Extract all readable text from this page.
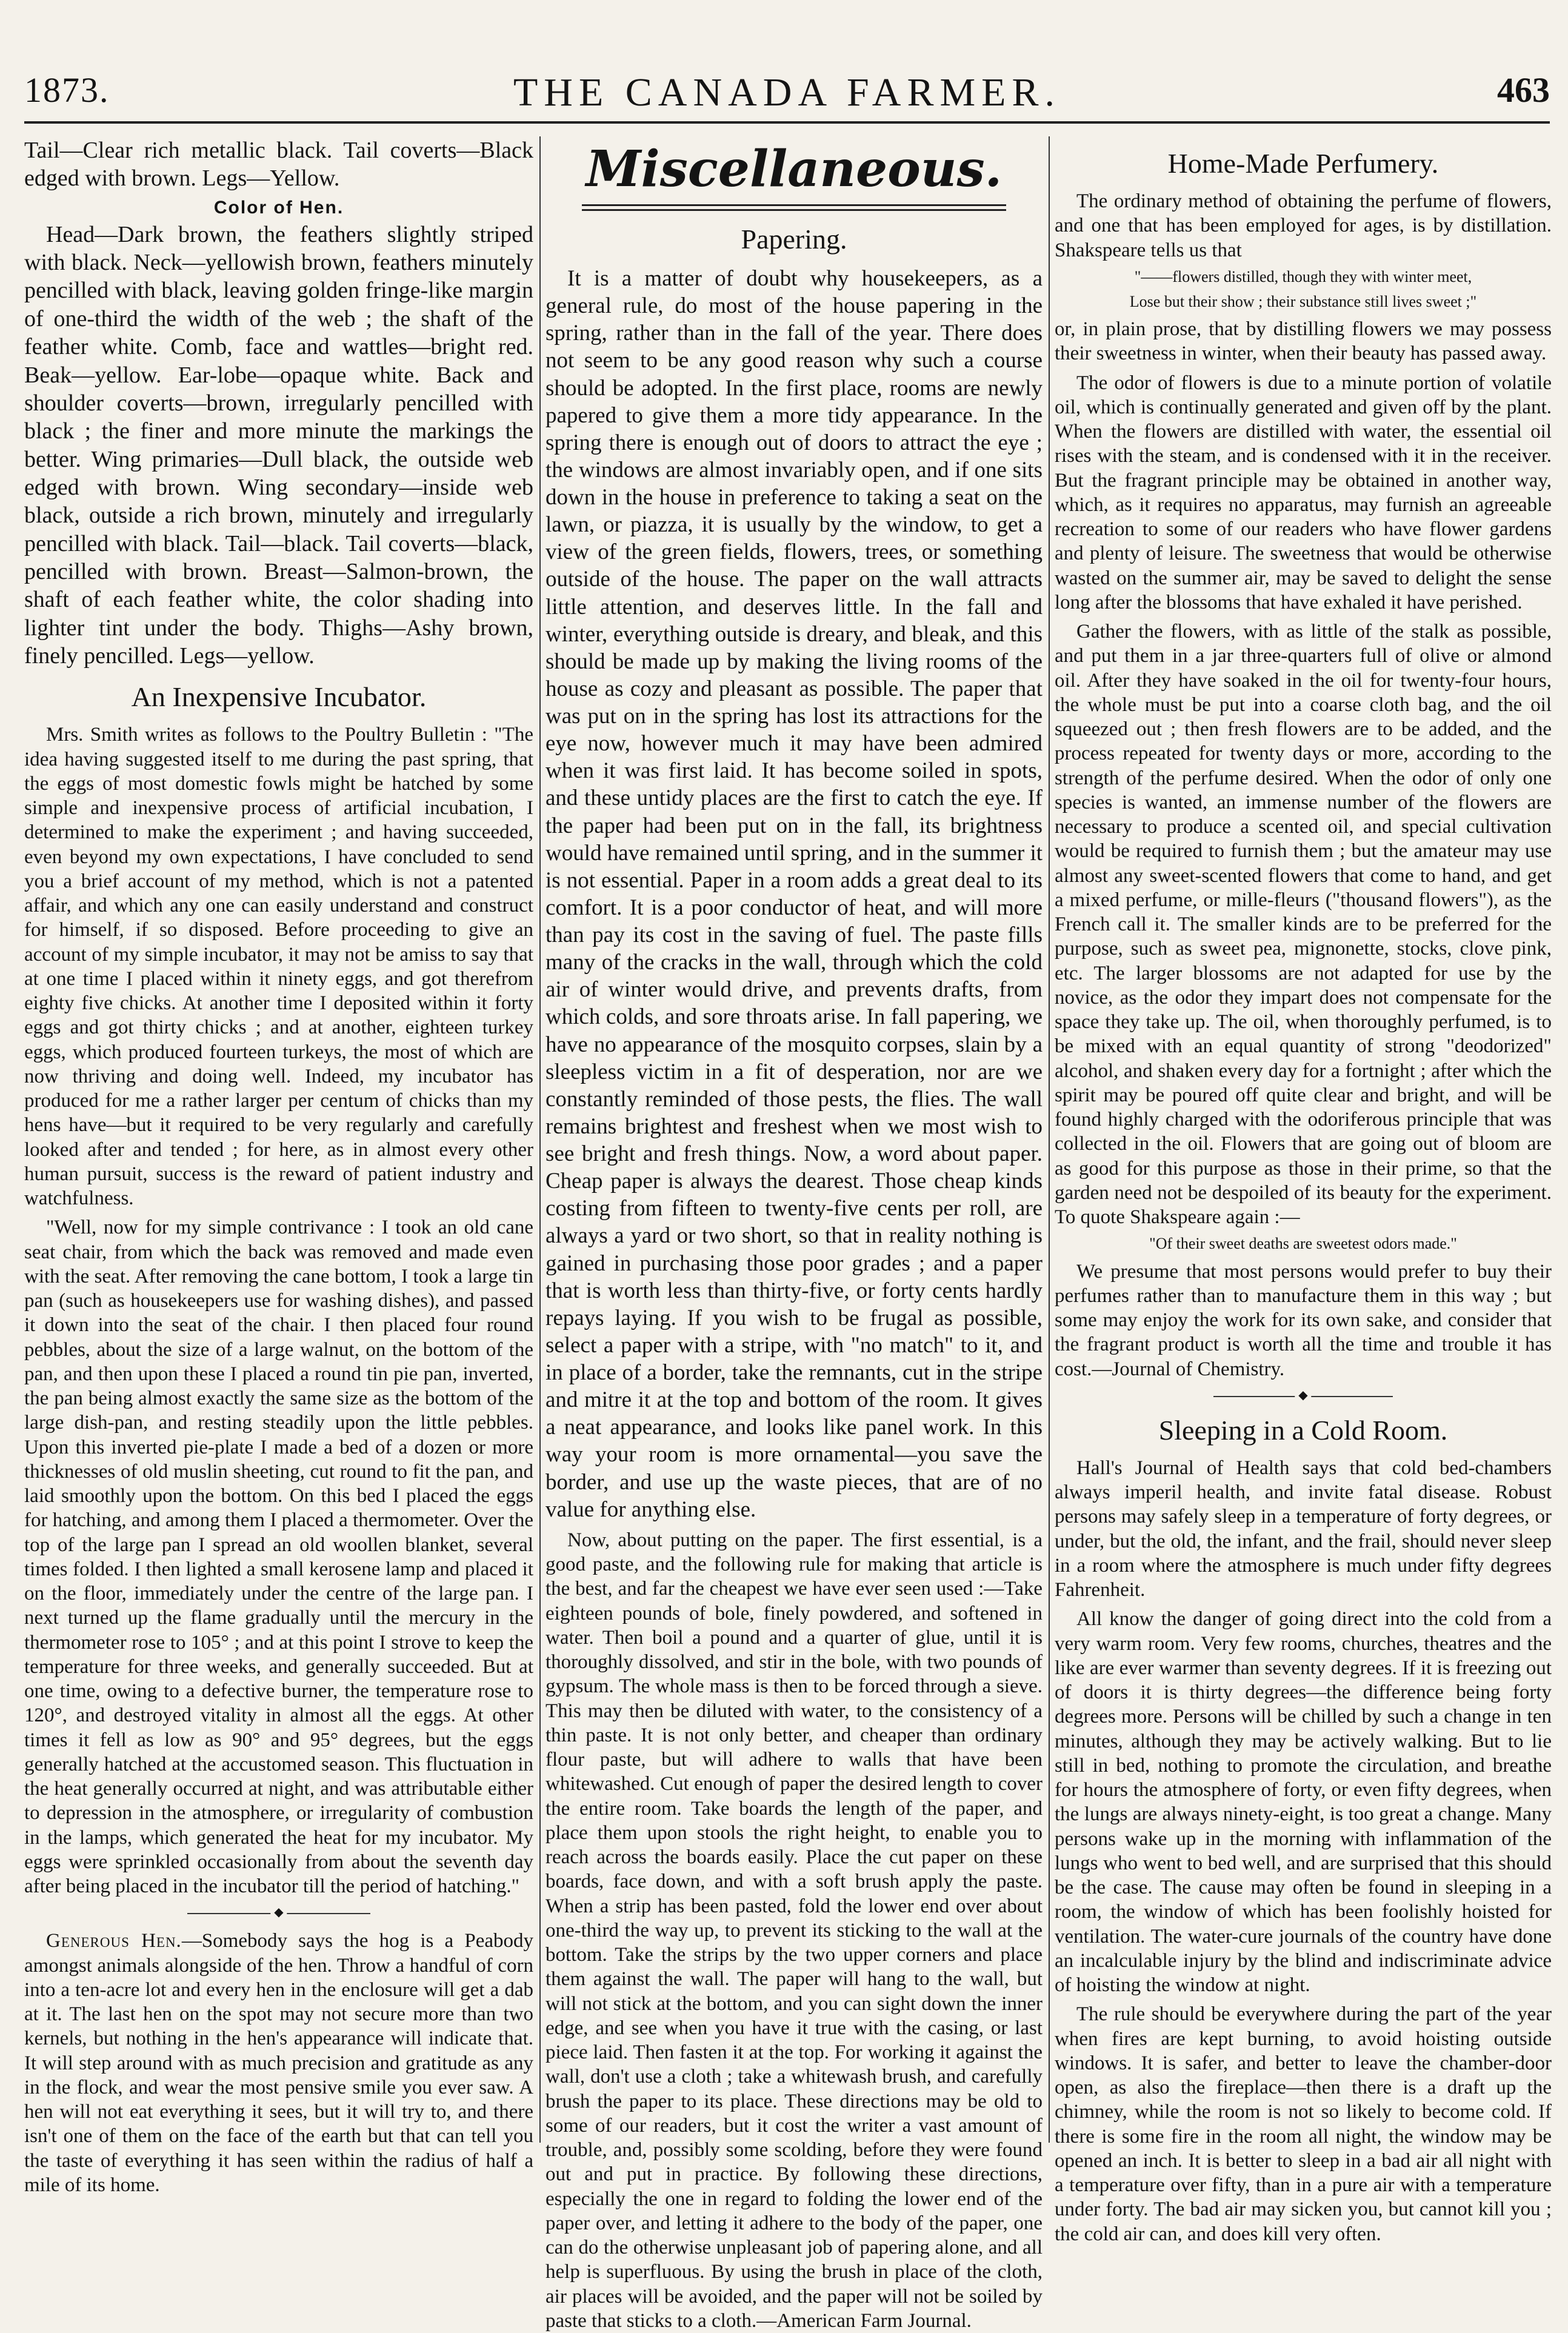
1873.	THE CANADA FARMER.	463

Tail—Clear rich metallic black. Tail coverts—Black edged with brown. Legs—Yellow.

Color of Hen.

Head—Dark brown, the feathers slightly striped with black. Neck—yellowish brown, feathers minutely pencilled with black, leaving golden fringe-like margin of one-third the width of the web ; the shaft of the feather white. Comb, face and wattles—bright red. Beak—yellow. Ear-lobe—opaque white. Back and shoulder coverts—brown, irregularly pencilled with black ; the finer and more minute the markings the better. Wing primaries—Dull black, the outside web edged with brown. Wing secondary—inside web black, outside a rich brown, minutely and irregularly pencilled with black. Tail—black. Tail coverts—black, pencilled with brown. Breast—Salmon-brown, the shaft of each feather white, the color shading into lighter tint under the body. Thighs—Ashy brown, finely pencilled. Legs—yellow.

An Inexpensive Incubator.

Mrs. Smith writes as follows to the Poultry Bulletin : "The idea having suggested itself to me during the past spring, that the eggs of most domestic fowls might be hatched by some simple and inexpensive process of artificial incubation, I determined to make the experiment ; and having succeeded, even beyond my own expectations, I have concluded to send you a brief account of my method, which is not a patented affair, and which any one can easily understand and construct for himself, if so disposed. Before proceeding to give an account of my simple incubator, it may not be amiss to say that at one time I placed within it ninety eggs, and got therefrom eighty five chicks. At another time I deposited within it forty eggs and got thirty chicks ; and at another, eighteen turkey eggs, which produced fourteen turkeys, the most of which are now thriving and doing well. Indeed, my incubator has produced for me a rather larger per centum of chicks than my hens have—but it required to be very regularly and carefully looked after and tended ; for here, as in almost every other human pursuit, success is the reward of patient industry and watchfulness.

"Well, now for my simple contrivance : I took an old cane seat chair, from which the back was removed and made even with the seat. After removing the cane bottom, I took a large tin pan (such as housekeepers use for washing dishes), and passed it down into the seat of the chair. I then placed four round pebbles, about the size of a large walnut, on the bottom of the pan, and then upon these I placed a round tin pie pan, inverted, the pan being almost exactly the same size as the bottom of the large dish-pan, and resting steadily upon the little pebbles. Upon this inverted pie-plate I made a bed of a dozen or more thicknesses of old muslin sheeting, cut round to fit the pan, and laid smoothly upon the bottom. On this bed I placed the eggs for hatching, and among them I placed a thermometer. Over the top of the large pan I spread an old woollen blanket, several times folded. I then lighted a small kerosene lamp and placed it on the floor, immediately under the centre of the large pan. I next turned up the flame gradually until the mercury in the thermometer rose to 105° ; and at this point I strove to keep the temperature for three weeks, and generally succeeded. But at one time, owing to a defective burner, the temperature rose to 120°, and destroyed vitality in almost all the eggs. At other times it fell as low as 90° and 95° degrees, but the eggs generally hatched at the accustomed season. This fluctuation in the heat generally occurred at night, and was attributable either to depression in the atmosphere, or irregularity of combustion in the lamps, which generated the heat for my incubator. My eggs were sprinkled occasionally from about the seventh day after being placed in the incubator till the period of hatching."

◆

Generous Hen.—Somebody says the hog is a Peabody amongst animals alongside of the hen. Throw a handful of corn into a ten-acre lot and every hen in the enclosure will get a dab at it. The last hen on the spot may not secure more than two kernels, but nothing in the hen's appearance will indicate that. It will step around with as much precision and gratitude as any in the flock, and wear the most pensive smile you ever saw. A hen will not eat everything it sees, but it will try to, and there isn't one of them on the face of the earth but that can tell you the taste of everything it has seen within the radius of half a mile of its home.

Miscellaneous.
Papering.

It is a matter of doubt why housekeepers, as a general rule, do most of the house papering in the spring, rather than in the fall of the year. There does not seem to be any good reason why such a course should be adopted. In the first place, rooms are newly papered to give them a more tidy appearance. In the spring there is enough out of doors to attract the eye ; the windows are almost invariably open, and if one sits down in the house in preference to taking a seat on the lawn, or piazza, it is usually by the window, to get a view of the green fields, flowers, trees, or something outside of the house. The paper on the wall attracts little attention, and deserves little. In the fall and winter, everything outside is dreary, and bleak, and this should be made up by making the living rooms of the house as cozy and pleasant as possible. The paper that was put on in the spring has lost its attractions for the eye now, however much it may have been admired when it was first laid. It has become soiled in spots, and these untidy places are the first to catch the eye. If the paper had been put on in the fall, its brightness would have remained until spring, and in the summer it is not essential. Paper in a room adds a great deal to its comfort. It is a poor conductor of heat, and will more than pay its cost in the saving of fuel. The paste fills many of the cracks in the wall, through which the cold air of winter would drive, and prevents drafts, from which colds, and sore throats arise. In fall papering, we have no appearance of the mosquito corpses, slain by a sleepless victim in a fit of desperation, nor are we constantly reminded of those pests, the flies. The wall remains brightest and freshest when we most wish to see bright and fresh things. Now, a word about paper. Cheap paper is always the dearest. Those cheap kinds costing from fifteen to twenty-five cents per roll, are always a yard or two short, so that in reality nothing is gained in purchasing those poor grades ; and a paper that is worth less than thirty-five, or forty cents hardly repays laying. If you wish to be frugal as possible, select a paper with a stripe, with "no match" to it, and in place of a border, take the remnants, cut in the stripe and mitre it at the top and bottom of the room. It gives a neat appearance, and looks like panel work. In this way your room is more ornamental—you save the border, and use up the waste pieces, that are of no value for anything else.

Now, about putting on the paper. The first essential, is a good paste, and the following rule for making that article is the best, and far the cheapest we have ever seen used :—Take eighteen pounds of bole, finely powdered, and softened in water. Then boil a pound and a quarter of glue, until it is thoroughly dissolved, and stir in the bole, with two pounds of gypsum. The whole mass is then to be forced through a sieve. This may then be diluted with water, to the consistency of a thin paste. It is not only better, and cheaper than ordinary flour paste, but will adhere to walls that have been whitewashed. Cut enough of paper the desired length to cover the entire room. Take boards the length of the paper, and place them upon stools the right height, to enable you to reach across the boards easily. Place the cut paper on these boards, face down, and with a soft brush apply the paste. When a strip has been pasted, fold the lower end over about one-third the way up, to prevent its sticking to the wall at the bottom. Take the strips by the two upper corners and place them against the wall. The paper will hang to the wall, but will not stick at the bottom, and you can sight down the inner edge, and see when you have it true with the casing, or last piece laid. Then fasten it at the top. For working it against the wall, don't use a cloth ; take a whitewash brush, and carefully brush the paper to its place. These directions may be old to some of our readers, but it cost the writer a vast amount of trouble, and, possibly some scolding, before they were found out and put in practice. By following these directions, especially the one in regard to folding the lower end of the paper over, and letting it adhere to the body of the paper, one can do the otherwise unpleasant job of papering alone, and all help is superfluous. By using the brush in place of the cloth, air places will be avoided, and the paper will not be soiled by paste that sticks to a cloth.—American Farm Journal.

Home-Made Perfumery.

The ordinary method of obtaining the perfume of flowers, and one that has been employed for ages, is by distillation. Shakspeare tells us that

"——flowers distilled, though they with winter meet,

Lose but their show ; their substance still lives sweet ;"

or, in plain prose, that by distilling flowers we may possess their sweetness in winter, when their beauty has passed away.

The odor of flowers is due to a minute portion of volatile oil, which is continually generated and given off by the plant. When the flowers are distilled with water, the essential oil rises with the steam, and is condensed with it in the receiver. But the fragrant principle may be obtained in another way, which, as it requires no apparatus, may furnish an agreeable recreation to some of our readers who have flower gardens and plenty of leisure. The sweetness that would be otherwise wasted on the summer air, may be saved to delight the sense long after the blossoms that have exhaled it have perished.

Gather the flowers, with as little of the stalk as possible, and put them in a jar three-quarters full of olive or almond oil. After they have soaked in the oil for twenty-four hours, the whole must be put into a coarse cloth bag, and the oil squeezed out ; then fresh flowers are to be added, and the process repeated for twenty days or more, according to the strength of the perfume desired. When the odor of only one species is wanted, an immense number of the flowers are necessary to produce a scented oil, and special cultivation would be required to furnish them ; but the amateur may use almost any sweet-scented flowers that come to hand, and get a mixed perfume, or mille-fleurs ("thousand flowers"), as the French call it. The smaller kinds are to be preferred for the purpose, such as sweet pea, mignonette, stocks, clove pink, etc. The larger blossoms are not adapted for use by the novice, as the odor they impart does not compensate for the space they take up. The oil, when thoroughly perfumed, is to be mixed with an equal quantity of strong "deodorized" alcohol, and shaken every day for a fortnight ; after which the spirit may be poured off quite clear and bright, and will be found highly charged with the odoriferous principle that was collected in the oil. Flowers that are going out of bloom are as good for this purpose as those in their prime, so that the garden need not be despoiled of its beauty for the experiment. To quote Shakspeare again :—

"Of their sweet deaths are sweetest odors made."

We presume that most persons would prefer to buy their perfumes rather than to manufacture them in this way ; but some may enjoy the work for its own sake, and consider that the fragrant product is worth all the time and trouble it has cost.—Journal of Chemistry.

◆
Sleeping in a Cold Room.

Hall's Journal of Health says that cold bed-chambers always imperil health, and invite fatal disease. Robust persons may safely sleep in a temperature of forty degrees, or under, but the old, the infant, and the frail, should never sleep in a room where the atmosphere is much under fifty degrees Fahrenheit.

All know the danger of going direct into the cold from a very warm room. Very few rooms, churches, theatres and the like are ever warmer than seventy degrees. If it is freezing out of doors it is thirty degrees—the difference being forty degrees more. Persons will be chilled by such a change in ten minutes, although they may be actively walking. But to lie still in bed, nothing to promote the circulation, and breathe for hours the atmosphere of forty, or even fifty degrees, when the lungs are always ninety-eight, is too great a change. Many persons wake up in the morning with inflammation of the lungs who went to bed well, and are surprised that this should be the case. The cause may often be found in sleeping in a room, the window of which has been foolishly hoisted for ventilation. The water-cure journals of the country have done an incalculable injury by the blind and indiscriminate advice of hoisting the window at night.

The rule should be everywhere during the part of the year when fires are kept burning, to avoid hoisting outside windows. It is safer, and better to leave the chamber-door open, as also the fireplace—then there is a draft up the chimney, while the room is not so likely to become cold. If there is some fire in the room all night, the window may be opened an inch. It is better to sleep in a bad air all night with a temperature over fifty, than in a pure air with a temperature under forty. The bad air may sicken you, but cannot kill you ; the cold air can, and does kill very often.
